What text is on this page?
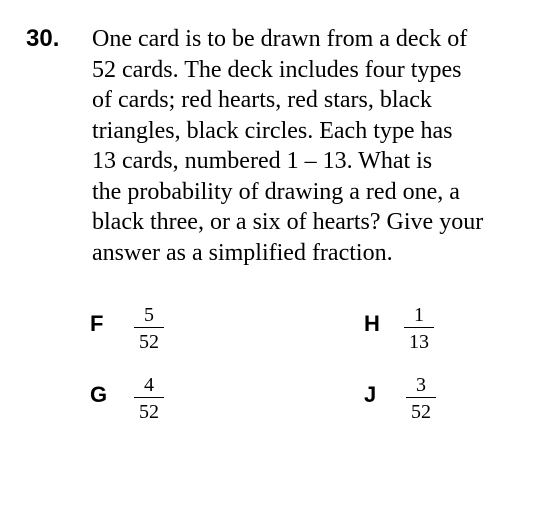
30. One card is to be drawn from a deck of
52 cards. The deck includes four types
of cards; red hearts, red stars, black
triangles, black circles. Each type has
13 cards, numbered 1 – 13. What is
the probability of drawing a red one, a
black three, or a six of hearts? Give your
answer as a simplified fraction.
F	5
52
H	1
13
G	4
52
J	3
52
